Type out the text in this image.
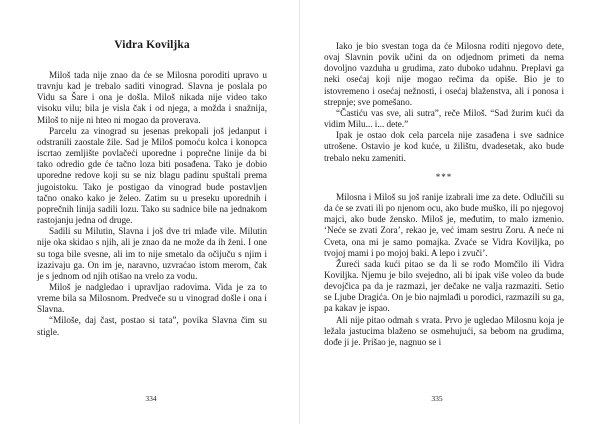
Vidra Koviljka

Miloš tada nije znao da će se Milosna poroditi upravo u travnju kad je trebalo saditi vinograd. Slavna je poslala po Vidu sa Šare i ona je došla. Miloš nikada nije video tako visoku vilu; bila je visla čak i od njega, a možda i snažnija, Miloš to nije ni hteo ni mogao da proverava.

Parcelu za vinograd su jesenas prekopali još jedanput i odstranili zaostale žile. Sad je Miloš pomoću kolca i konopca iscrtao zemljište povlačeći uporedne i poprečne linije da bi tako odredio gde će tačno loza biti posađena. Tako je dobio uporedne redove koji su se niz blagu padinu spuštali prema jugoistoku. Tako je postigao da vinograd bude postavljen tačno onako kako je želeo. Zatim su u preseku uporednih i poprečnih linija sadili lozu. Tako su sadnice bile na jednakom rastojanju jedna od druge.

Sadili su Milutin, Slavna i još dve tri mlađe vile. Milutin nije oka skidao s njih, ali je znao da ne može da ih ženi. I one su toga bile svesne, ali im to nije smetalo da očijuču s njim i izazivaju ga. On im je, naravno, uzvraćao istom merom, čak je s jednom od njih otišao na vrelo za vodu.

Miloš je nadgledao i upravljao radovima. Vida je za to vreme bila sa Milosnom. Predveče su u vinograd došle i ona i Slavna.

“Miloše, daj čast, postao si tata”, povika Slavna čim su stigle.

334

Iako je bio svestan toga da će Milosna roditi njegovo dete, ovaj Slavnin povik učini da on odjednom primeti da nema dovoljno vazduha u grudima, zato duboko udahnu. Preplavi ga neki osećaj koji nije mogao rečima da opiše. Bio je to istovremeno i osećaj nežnosti, i osećaj blaženstva, ali i ponosa i strepnje; sve pomešano.

“Častiću vas sve, ali sutra”, reče Miloš. “Sad žurim kući da vidim Milu... i... dete.”

Ipak je ostao dok cela parcela nije zasađena i sve sadnice utrošene. Ostavio je kod kuće, u žilištu, dvadesetak, ako bude trebalo neku zameniti.

***

Milosna i Miloš su još ranije izabrali ime za dete. Odlučili su da će se zvati ili po njenom ocu, ako bude muško, ili po njegovoj majci, ako bude žensko. Miloš je, međutim, to malo izmenio. ‘Neće se zvati Zora’, rekao je, već imam sestru Zoru. A neće ni Cveta, ona mi je samo pomajka. Zvaće se Vidra Koviljka, po tvojoj mami i po mojoj baki. A lepo i zvuči’.

Žureći sada kući pitao se da li se rođo Momčilo ili Vidra Koviljka. Njemu je bilo svejedno, ali bi ipak više voleo da bude devojčica pa da je razmazi, jer dečake ne valja razmaziti. Setio se Ljube Dragića. On je bio najmlađi u porodici, razmazili su ga, pa kakav je ispao.

Ali nije pitao odmah s vrata. Prvo je ugledao Milosnu koja je ležala jastucima blaženo se osmehujući, sa bebom na grudima, dođe ji je. Prišao je, nagnuo se i

335
